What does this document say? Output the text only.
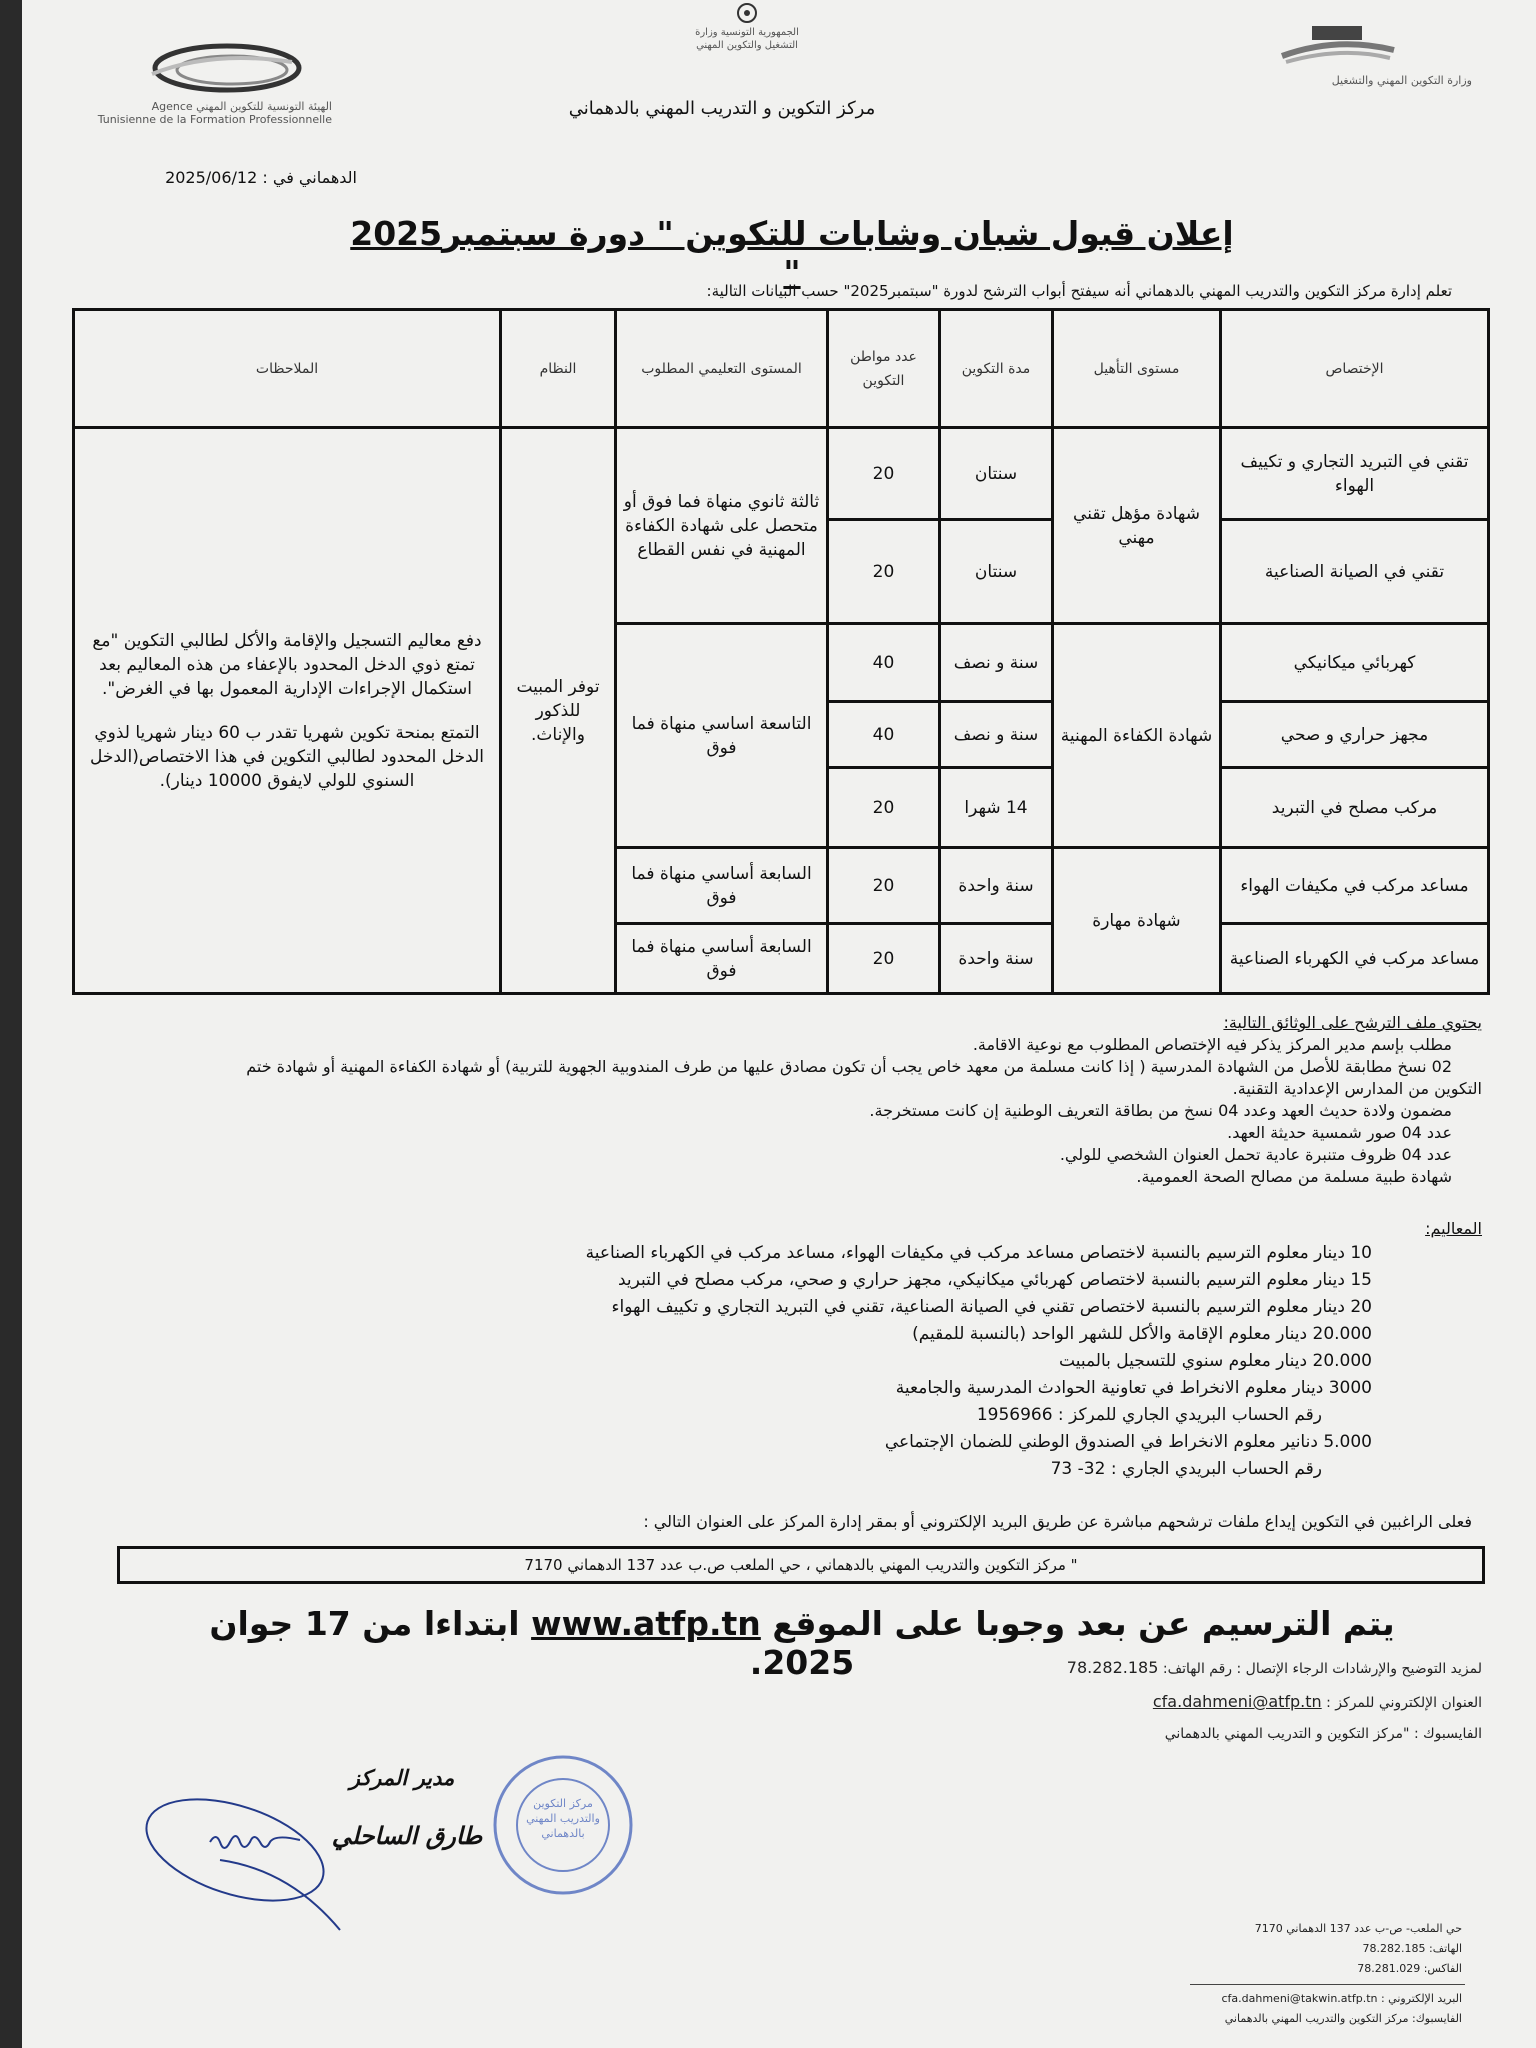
الهيئة التونسية للتكوين المهني Agence Tunisienne de la Formation Professionnelle
الجمهورية التونسية وزارة التشغيل والتكوين المهني
وزارة التكوين المهني والتشغيل
مركز التكوين و التدريب المهني بالدهماني
الدهماني في : 2025/06/12
إعلان قبول شبان وشابات للتكوين " دورة سبتمبر2025 "
تعلم إدارة مركز التكوين والتدريب المهني بالدهماني أنه سيفتح أبواب الترشح لدورة "سبتمبر2025" حسب البيانات التالية:
الإختصاص	مستوى التأهيل	مدة التكوين	عدد مواطن التكوين	المستوى التعليمي المطلوب	النظام	الملاحظات
تقني في التبريد التجاري و تكييف الهواء	شهادة مؤهل تقني مهني	سنتان	20	ثالثة ثانوي منهاة فما فوق أو متحصل على شهادة الكفاءة المهنية في نفس القطاع	توفر المبيت للذكور والإناث.	دفع معاليم التسجيل والإقامة والأكل لطالبي التكوين "مع تمتع ذوي الدخل المحدود بالإعفاء من هذه المعاليم بعد استكمال الإجراءات الإدارية المعمول بها في الغرض".
التمتع بمنحة تكوين شهريا تقدر ب 60 دينار شهريا لذوي الدخل المحدود لطالبي التكوين في هذا الاختصاص(الدخل السنوي للولي لايفوق 10000 دينار).

تقني في الصيانة الصناعية		سنتان	20			
كهربائي ميكانيكي	شهادة الكفاءة المهنية	سنة و نصف	40	التاسعة اساسي منهاة فما فوق		
مجهز حراري و صحي		سنة و نصف	40			
مركب مصلح في التبريد		14 شهرا	20			
مساعد مركب في مكيفات الهواء	شهادة مهارة	سنة واحدة	20	السابعة أساسي منهاة فما فوق		
مساعد مركب في الكهرباء الصناعية		سنة واحدة	20	السابعة أساسي منهاة فما فوق		
يحتوي ملف الترشح على الوثائق التالية:
مطلب بإسم مدير المركز يذكر فيه الإختصاص المطلوب مع نوعية الاقامة.
02 نسخ مطابقة للأصل من الشهادة المدرسية ( إذا كانت مسلمة من معهد خاص يجب أن تكون مصادق عليها من طرف المندوبية الجهوية للتربية) أو شهادة الكفاءة المهنية أو شهادة ختم
التكوين من المدارس الإعدادية التقنية.
مضمون ولادة حديث العهد وعدد 04 نسخ من بطاقة التعريف الوطنية إن كانت مستخرجة.
عدد 04 صور شمسية حديثة العهد.
عدد 04 ظروف متنبرة عادية تحمل العنوان الشخصي للولي.
شهادة طبية مسلمة من مصالح الصحة العمومية.
المعاليم:
10 دينار معلوم الترسيم بالنسبة لاختصاص مساعد مركب في مكيفات الهواء، مساعد مركب في الكهرباء الصناعية
15 دينار معلوم الترسيم بالنسبة لاختصاص كهربائي ميكانيكي، مجهز حراري و صحي، مركب مصلح في التبريد
20 دينار معلوم الترسيم بالنسبة لاختصاص تقني في الصيانة الصناعية، تقني في التبريد التجاري و تكييف الهواء
20.000 دينار معلوم الإقامة والأكل للشهر الواحد (بالنسبة للمقيم)
20.000 دينار معلوم سنوي للتسجيل بالمبيت
3000 دينار معلوم الانخراط في تعاونية الحوادث المدرسية والجامعية
رقم الحساب البريدي الجاري للمركز : 1956966
5.000 دنانير معلوم الانخراط في الصندوق الوطني للضمان الإجتماعي
رقم الحساب البريدي الجاري : 32- 73
فعلى الراغبين في التكوين إيداع ملفات ترشحهم مباشرة عن طريق البريد الإلكتروني أو بمقر إدارة المركز على العنوان التالي :
" مركز التكوين والتدريب المهني بالدهماني ، حي الملعب ص.ب عدد 137 الدهماني 7170
يتم الترسيم عن بعد وجوبا على الموقع www.atfp.tn ابتداءا من 17 جوان 2025.	لمزيد التوضيح والإرشادات الرجاء الإتصال : رقم الهاتف: 78.282.185
العنوان الإلكتروني للمركز : cfa.dahmeni@atfp.tn
الفايسبوك : "مركز التكوين و التدريب المهني بالدهماني
مدير المركز
طارق الساحلي
مركز التكوين والتدريب المهني بالدهماني
حي الملعب- ص-ب عدد 137 الدهماني 7170
الهاتف: 78.282.185
الفاكس: 78.281.029
البريد الإلكتروني : cfa.dahmeni@takwin.atfp.tn
الفايسبوك: مركز التكوين والتدريب المهني بالدهماني
